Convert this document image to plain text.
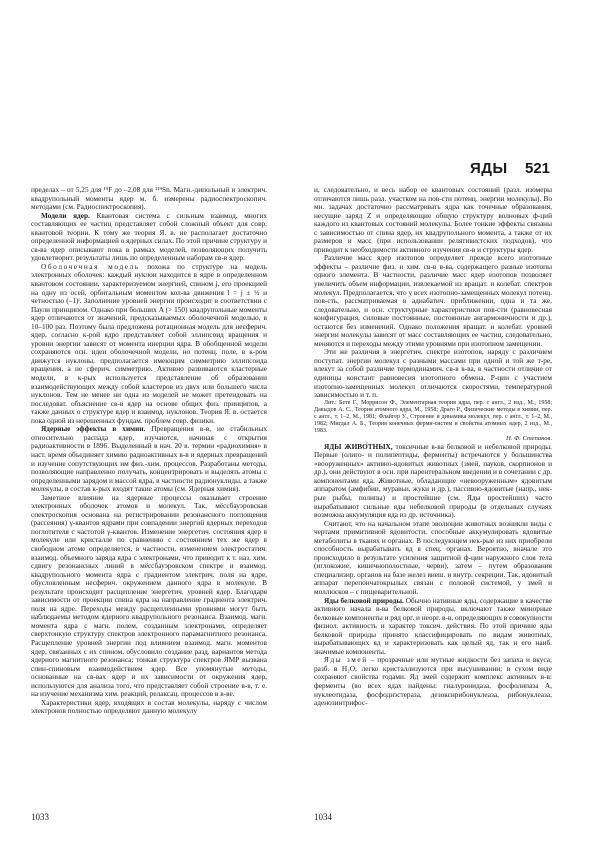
ЯДЫ 521

пределах – от 5,25 для ¹⁹F до –2,08 для ¹¹⁹Sn. Магн.-дипольный и электрич. квадрупольный моменты ядер м. б. измерены радиоспектроскопич. методами (см. Радиоспектроскопия).

Модели ядер. Квантовая система с сильным взаимод. многих составляющих ее частиц представляет собой сложный объект для совр. квантовой теории. К тому же теория Я. в. не располагает достаточно определенной информацией о ядерных силах. По этой причине структуру и св-ва ядер описывают пока в рамках моделей, позволяющих получить удовлетворит. результаты лишь по определенным наборам св-в ядер.

Оболочечная модель похожа по структуре на модель электронных оболочек: каждый нуклон находится в ядре в определенном квантовом состоянии, характеризуемом энергией, спином j, его проекцией на одну из осей, орбитальным моментом кол-ва движения l = j ± ½ и четностью (–1)ˡ. Заполнение уровней энергии происходит в соответствии с Паули принципом. Однако при больших A (> 150) квадрупольные моменты ядер отличаются от значений, предсказываемых оболочечной моделью, в 10–100 раз. Поэтому была предложена ротационная модель для несферич. ядер, согласно к-рой ядро представляет собой эллипсоид вращения и уровни энергии зависят от момента инерции ядра. В обобщенной модели сохраняются осн. идеи оболочечной модели, но потенц. поле, в к-ром движутся нуклоны, предполагается имеющим симметрию эллипсоида вращения, а не сферич. симметрию. Активно развиваются кластерные модели, в к-рых используется представление об образовании взаимодействующих между собой кластеров из двух или большего числа нуклонов. Тем не менее ни одна из моделей не может претендовать на последоват. объяснение св-в ядер на основе общих физ. принципов, а также данных о структуре ядер и взаимод. нуклонов. Теория Я. в. остается пока одной из нерешенных фундам. проблем совр. физики.

Ядерные эффекты в химии. Превращения в-в, не стабильных относительно распада ядер, изучаются, начиная с открытия радиоактивности в 1896. Выделенный в нач. 20 в. термин «радиохимия» в наст. время объединяет химию радиоактивных в-в и ядерных превращений и изучение сопутствующих им физ.-хим. процессов. Разработаны методы, позволяющие направленно получать, концентрировать и выделять атомы с определенными зарядом и массой ядра, в частности радионуклиды, а также молекулы, в состав к-рых входят такие атомы (см. Ядерная химия).

Заметное влияние на ядерные процессы оказывает строение электронных оболочек атомов и молекул. Так, мёссбауэровская спектроскопия основана на регистрировании резонансного поглощения (рассеяния) γ-квантов ядрами при совпадении энергий ядерных переходов поглотителя с частотой γ-квантов. Изменение энергетич. состояния ядер в молекуле или кристалле по сравнению с состоянием тех же ядер в свободном атоме определяется, в частности, изменением электростатич. взаимод. объемного заряда ядра с электронами, что приводит к т. наз. хим. сдвигу резонансных линий в мёссбауэровском спектре и взаимод. квадрупольного момента ядра с градиентом электрич. поля на ядре, обусловленным несферич. окружением данного ядра в молекуле. В результате происходит расщепление энергетич. уровней ядер. Благодаря зависимости от проекции спина ядра на направление градиента электрич. поля на ядре. Переходы между расщепленными уровнями могут быть наблюдаемы методом ядерного квадрупольного резонанса. Взаимод. магн. момента ядра с магн. полем, созданным электронами, определяет сверхтонкую структуру спектров электронного парамагнитного резонанса. Расщепление уровней энергии под влиянием взаимод. магн. моментов ядер, связанных с их спином, обусловило создание разд. вариантов метода ядерного магнитного резонанса; тонкая структура спектров ЯМР вызвана спин-спиновым взаимодействием ядер. Все упомянутые методы, основанные на св-вах ядер и их зависимости от окружения ядер, используются для анализа того, что представляет собой строение в-в, т. е. на изучение механизма хим. реакций, релаксац. процессов в в-ве.

Характеристики ядер, входящих в состав молекулы, наряду с числом электронов полностью определяют данную молекулу

и, следовательно, и весь набор ее квантовых состояний (разл. изомеры отличаются лишь разл. участком на пов-сти потенц. энергии молекулы). Во мн. задачах достаточно рассматривать ядра как точечные образования, несущие заряд Z и определяющие общую структуру волновых ф-ций каждого из квантовых состояний молекулы. Более тонкие эффекты связаны с зависимостью от спина ядер, их квадрупольного момента, а также от их размеров и масс (при использовании релятивистских подходов), что приводит к необходимости активного изучения св-в и структуры ядер.

Различие масс ядер изотопов определяет прежде всего изотопные эффекты – различие физ. и хим. св-в в-ва, содержащего разные изотопы одного элемента. В частности, различие масс ядер изотопов позволяет увеличить объем информации, извлекаемой из вращат. и колебат. спектров молекул. Предполагается, что у всех изотопно-замещенных молекул потенц. пов-сть, рассматриваемая в адиабатич. приближении, одна и та же, следовательно, и осн. структурные характеристики пов-сти (равновесная конфигурация, силовые постоянные, постоянные ангармоничности и др.), остаются без изменений. Однако положения вращат. и колебат. уровней энергии молекулы зависят от масс составляющих ее частиц, следовательно, меняются и переходы между этими уровнями при изотопном замещении.

Эти же различия в энергетич. спектре изотопов, наряду с различием поступат. энергии молекул с разными массами при одной и той же т-ре, влекут за собой различие термодинамич. св-в в-ва, в частности отличие от единицы констант равновесия изотопного обмена. Р-ции с участием изотопно-замещенных молекул отличаются скоростями, температурной зависимостью и т. п.

Лит.: Бете Г., Моррисон Ф., Элементарная теория ядра, пер. с англ., 2 изд., М., 1958; Давыдов А. С., Теория атомного ядра, М., 1958; Драго Р., Физические методы в химии, пер. с англ., т. 1–2, М., 1981; Флайгер У., Строение и динамика молекул, пер. с англ., т. 1–2, М., 1982; Мигдал А. Б., Теория конечных ферми-систем и свойства атомных ядер, 2 изд., М., 1983.

Н. Ф. Степанов.

ЯДЫ ЖИВО́ТНЫХ, токсичные в-ва белковой и небелковой природы. Первые (олиго- и полипептиды, ферменты) встречаются у большинства «вооруженных» активно-ядовитых животных (змей, пауков, скорпионов и др.), они действуют в осн. при парентеральном введении и в сочетании с др. компонентами яда. Животные, обладающие «невооруженным» ядовитым аппаратом (амфибии, муравьи, жуки и др.), пассивно-ядовитые (напр., нек-рые рыбы, полипы) и простейшие (см. Яды простейших) часто вырабатывают сильные яды небелковой природы (в отдельных случаях возможна аккумуляция яда из др. источника).

Считают, что на начальном этапе эволюции животных возникли виды с чертами примитивной ядовитости, способные аккумулировать ядовитые метаболиты в тканях и органах. В последующем нек-рые из них приобрели способность вырабатывать яд в спец. органах. Вероятно, вначале это происходило в результате усиления защитной ф-ции наружного слоя тела (иглокожие, кишечнополостные, черви), затем – путем образования специализир. органов на базе желез внеш. и внутр. секреции. Так, ядовитый аппарат перепончатокрылых связан с половой системой, у змей и моллюсков – с пищеварительной.

Яды белковой природы. Обычно нативные яды, содержащие в качестве активного начала в-ва белковой природы, включают также минорные белковые компоненты и ряд орг. и неорг. в-в, определяющих в совокупности физиол. активность и характер токсич. действия. По этой причине яды белковой природы принято классифицировать по видам животных, вырабатывающих яд и характеризовать как целый яд, так и его наиб. значимые компоненты.

Яды змей – прозрачные или мутные жидкости без запаха и вкуса; разб. в H₂O; легко кристаллизуются при высушивании; в сухом виде сохраняют свойства годами. Яд змей содержит комплекс активных в-в: ферменты (во всех ядах найдены: гиалуронидаза, фосфолипаза A, нуклеотидаза, фосфодиэстераза, дезоксирибонуклеаза, рибонуклеаза, аденозинтрифос-

1033	1034
